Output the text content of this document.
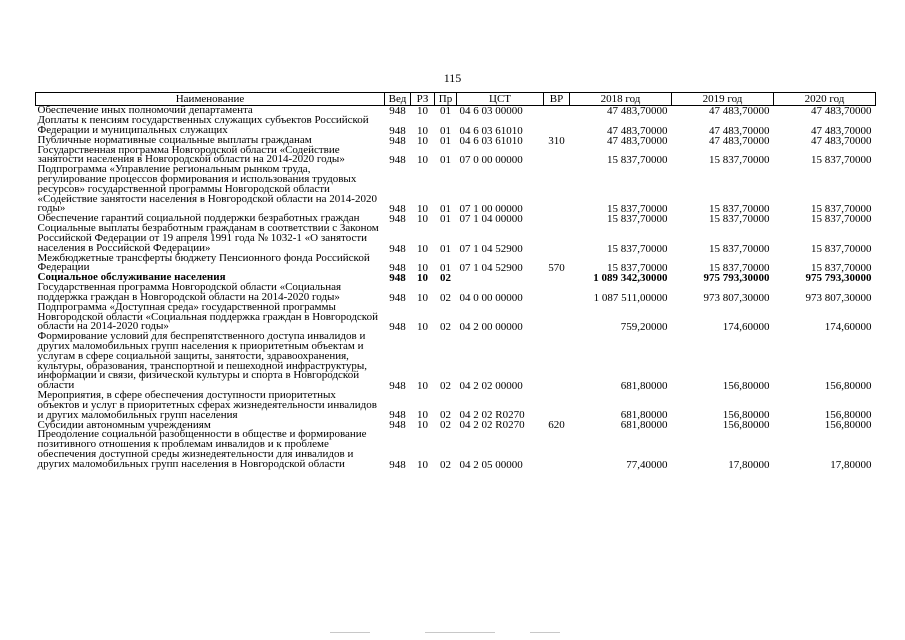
115
Наименование	Вед	РЗ	Пр	ЦСТ	ВР	2018 год	2019 год	2020 год
Обеспечение иных полномочий департамента	948	10	01	04 6 03 00000		47 483,70000	47 483,70000	47 483,70000
Доплаты к пенсиям государственных служащих субъектов Российской Федерации и муниципальных служащих	948	10	01	04 6 03 61010		47 483,70000	47 483,70000	47 483,70000
Публичные нормативные социальные выплаты гражданам	948	10	01	04 6 03 61010	310	47 483,70000	47 483,70000	47 483,70000
Государственная программа Новгородской области «Содействие занятости населения в Новгородской области на 2014-2020 годы»	948	10	01	07 0 00 00000		15 837,70000	15 837,70000	15 837,70000
Подпрограмма «Управление региональным рынком труда, регулирование процессов формирования и использования трудовых ресурсов» государственной программы Новгородской области «Содействие занятости населения в Новгородской области на 2014-2020 годы»	948	10	01	07 1 00 00000		15 837,70000	15 837,70000	15 837,70000
Обеспечение гарантий социальной поддержки безработных граждан	948	10	01	07 1 04 00000		15 837,70000	15 837,70000	15 837,70000
Социальные выплаты безработным гражданам в соответствии с Законом Российской Федерации от 19 апреля 1991 года № 1032-1 «О занятости населения в Российской Федерации»	948	10	01	07 1 04 52900		15 837,70000	15 837,70000	15 837,70000
Межбюджетные трансферты бюджету Пенсионного фонда Российской Федерации	948	10	01	07 1 04 52900	570	15 837,70000	15 837,70000	15 837,70000
Социальное обслуживание населения	948	10	02			1 089 342,30000	975 793,30000	975 793,30000
Государственная программа Новгородской области «Социальная поддержка граждан в Новгородской области на 2014-2020 годы»	948	10	02	04 0 00 00000		1 087 511,00000	973 807,30000	973 807,30000
Подпрограмма «Доступная среда» государственной программы Новгородской области «Социальная поддержка граждан в Новгородской области на 2014-2020 годы»	948	10	02	04 2 00 00000		759,20000	174,60000	174,60000
Формирование условий для беспрепятственного доступа инвалидов и других маломобильных групп населения к приоритетным объектам и услугам в сфере социальной защиты, занятости, здравоохранения, культуры, образования, транспортной и пешеходной инфраструктуры, информации и связи, физической культуры и спорта в Новгородской области	948	10	02	04 2 02 00000		681,80000	156,80000	156,80000
Мероприятия, в сфере обеспечения доступности приоритетных объектов и услуг в приоритетных сферах жизнедеятельности инвалидов и других маломобильных групп населения	948	10	02	04 2 02 R0270		681,80000	156,80000	156,80000
Субсидии автономным учреждениям	948	10	02	04 2 02 R0270	620	681,80000	156,80000	156,80000
Преодоление социальной разобщенности в обществе и формирование позитивного отношения к проблемам инвалидов и к проблеме обеспечения доступной среды жизнедеятельности для инвалидов и других маломобильных групп населения в Новгородской области	948	10	02	04 2 05 00000		77,40000	17,80000	17,80000
